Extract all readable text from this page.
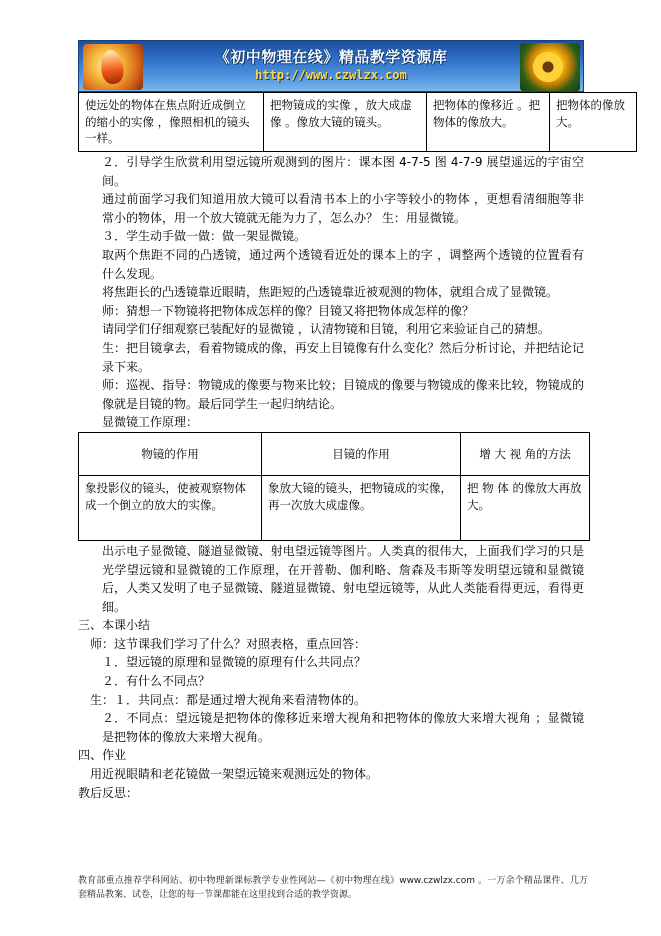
《初中物理在线》精品教学资源库
http://www.czwlzx.com
使远处的物体在焦点附近成倒立的缩小的实像 ，像照相机的镜头一样。	把物镜成的实像 ，放大成虚像 。像放大镜的镜头。	把物体的像移近 。把物体的像放大。	把物体的像放大。

２．引导学生欣赏利用望远镜所观测到的图片：课本图 4-7-5 图 4-7-9 展望遥远的宇宙空间。

通过前面学习我们知道用放大镜可以看清书本上的小字等较小的物体 ，更想看清细胞等非常小的物体，用一个放大镜就无能为力了，怎么办？ 生：用显微镜。

３．学生动手做一做：做一架显微镜。

取两个焦距不同的凸透镜，通过两个透镜看近处的课本上的字 ，调整两个透镜的位置看有什么发现。

将焦距长的凸透镜靠近眼睛，焦距短的凸透镜靠近被观测的物体，就组合成了显微镜。

师：猜想一下物镜将把物体成怎样的像？目镜又将把物体成怎样的像？

请同学们仔细观察已装配好的显微镜 ，认清物镜和目镜，利用它来验证自己的猜想。

生：把目镜拿去，看着物镜成的像，再安上目镜像有什么变化？然后分析讨论，并把结论记录下来。

师：巡视、指导：物镜成的像要与物来比较；目镜成的像要与物镜成的像来比较，物镜成的像就是目镜的物。最后同学生一起归纳结论。

显微镜工作原理：

物镜的作用	目镜的作用	增 大 视 角的方法
象投影仪的镜头，使被观察物体成一个倒立的放大的实像。	象放大镜的镜头，把物镜成的实像，再一次放大成虚像。	把 物 体 的像放大再放大。

出示电子显微镜、隧道显微镜、射电望远镜等图片。人类真的很伟大，上面我们学习的只是光学望远镜和显微镜的工作原理，在开普勒、伽利略、詹森及韦斯等发明望远镜和显微镜后，人类又发明了电子显微镜、隧道显微镜、射电望远镜等，从此人类能看得更远，看得更细。

三、本课小结

师：这节课我们学习了什么？对照表格，重点回答：

１．望远镜的原理和显微镜的原理有什么共同点？

２．有什么不同点？

生：１．共同点：都是通过增大视角来看清物体的。

２．不同点：望远镜是把物体的像移近来增大视角和把物体的像放大来增大视角 ；显微镜是把物体的像放大来增大视角。

四、作业

用近视眼睛和老花镜做一架望远镜来观测远处的物体。

教后反思：

教育部重点推荐学科网站、初中物理新课标教学专业性网站—《初中物理在线》www.czwlzx.com 。一万余个精品课件、几万套精品教案、试卷，让您的每一节课都能在这里找到合适的教学资源。
